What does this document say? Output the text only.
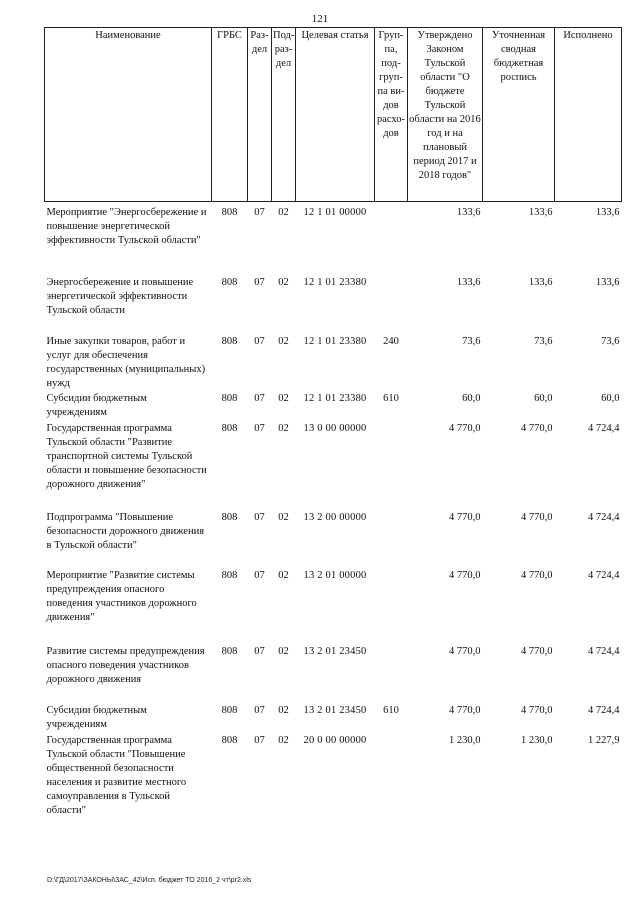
121
Наименование	ГРБС	Раз-дел	Под-раз-дел	Целевая статья	Груп-па, под-груп-па ви-дов расхо-дов	Утверждено Законом Тульской области "О бюджете Тульской области на 2016 год и на плановый период 2017 и 2018 годов"	Уточненная сводная бюджетная роспись	Исполнено
Мероприятие "Энергосбережение и повышение энергетической эффективности Тульской области"	808	07	02	12 1 01 00000		133,6	133,6	133,6
Энергосбережение и повышение энергетической эффективности Тульской области	808	07	02	12 1 01 23380		133,6	133,6	133,6
Иные закупки товаров, работ и услуг для обеспечения государственных (муниципальных) нужд	808	07	02	12 1 01 23380	240	73,6	73,6	73,6
Субсидии бюджетным учреждениям	808	07	02	12 1 01 23380	610	60,0	60,0	60,0
Государственная программа Тульской области "Развитие транспортной системы Тульской области и повышение безопасности дорожного движения"	808	07	02	13 0 00 00000		4 770,0	4 770,0	4 724,4
Подпрограмма "Повышение безопасности дорожного движения в Тульской области"	808	07	02	13 2 00 00000		4 770,0	4 770,0	4 724,4
Мероприятие "Развитие системы предупреждения опасного поведения участников дорожного движения"	808	07	02	13 2 01 00000		4 770,0	4 770,0	4 724,4
Развитие системы предупреждения опасного поведения участников дорожного движения	808	07	02	13 2 01 23450		4 770,0	4 770,0	4 724,4
Субсидии бюджетным учреждениям	808	07	02	13 2 01 23450	610	4 770,0	4 770,0	4 724,4
Государственная программа Тульской области "Повышение общественной безопасности населения и развитие местного самоуправления в Тульской области"	808	07	02	20 0 00 00000		1 230,0	1 230,0	1 227,9
D:\ГД\2017\ЗАКОНЫ\ЗАС_42\Исп. бюджет ТО 2016_2 чт\pr2.xls
